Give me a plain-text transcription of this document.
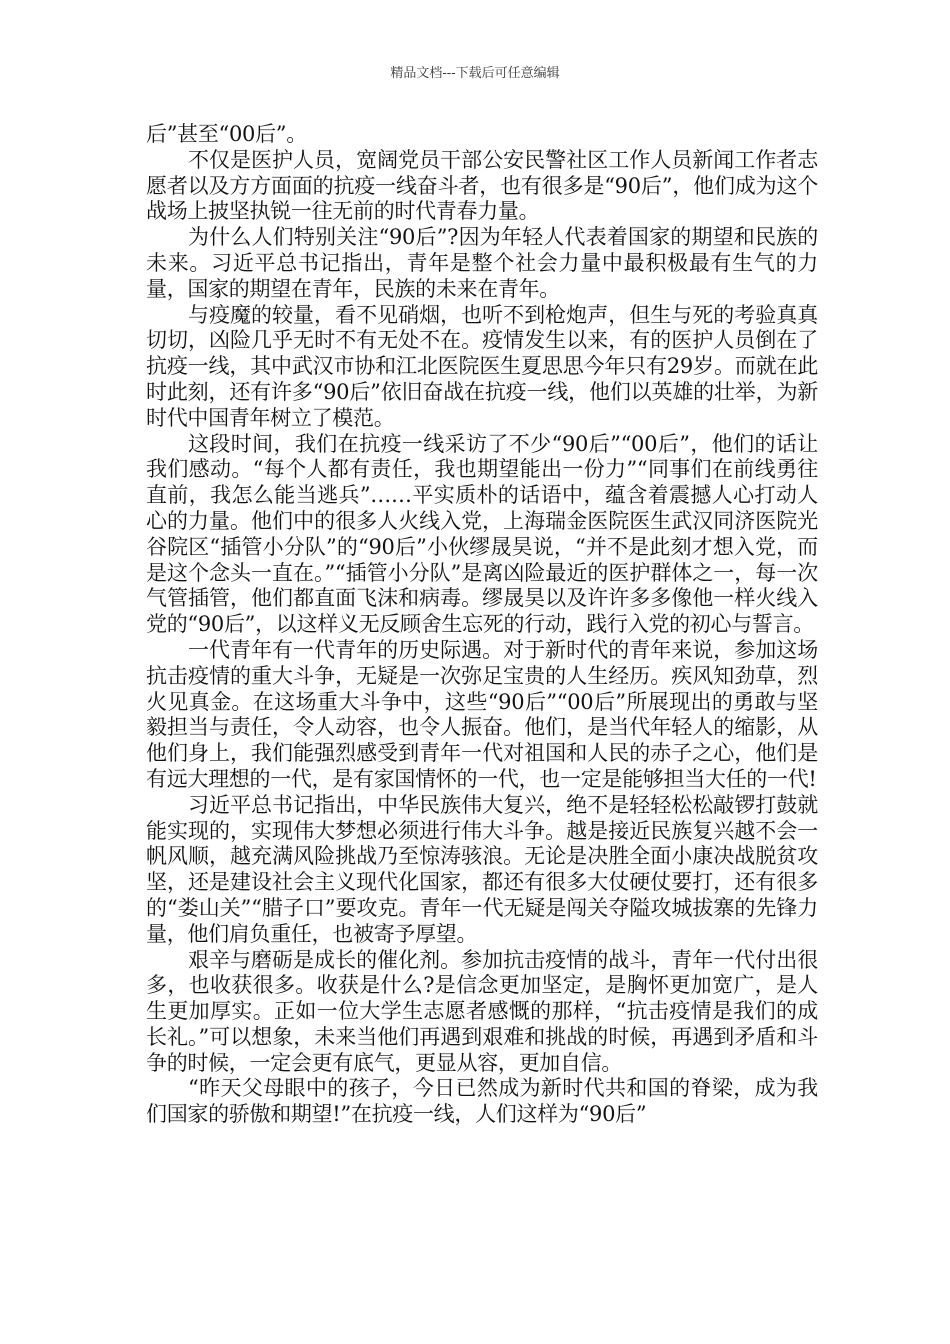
精品文档---下载后可任意编辑

后”甚至“00后”。

不仅是医护人员，宽阔党员干部公安民警社区工作人员新闻工作者志愿者以及方方面面的抗疫一线奋斗者，也有很多是“90后”，他们成为这个战场上披坚执锐一往无前的时代青春力量。

为什么人们特别关注“90后”?因为年轻人代表着国家的期望和民族的未来。习近平总书记指出，青年是整个社会力量中最积极最有生气的力量，国家的期望在青年，民族的未来在青年。

与疫魔的较量，看不见硝烟，也听不到枪炮声，但生与死的考验真真切切，凶险几乎无时不有无处不在。疫情发生以来，有的医护人员倒在了抗疫一线，其中武汉市协和江北医院医生夏思思今年只有29岁。而就在此时此刻，还有许多“90后”依旧奋战在抗疫一线，他们以英雄的壮举，为新时代中国青年树立了模范。

这段时间，我们在抗疫一线采访了不少“90后”“00后”，他们的话让我们感动。“每个人都有责任，我也期望能出一份力”“同事们在前线勇往直前，我怎么能当逃兵”……平实质朴的话语中，蕴含着震撼人心打动人心的力量。他们中的很多人火线入党，上海瑞金医院医生武汉同济医院光谷院区“插管小分队”的“90后”小伙缪晟昊说，“并不是此刻才想入党，而是这个念头一直在。”“插管小分队”是离凶险最近的医护群体之一，每一次气管插管，他们都直面飞沫和病毒。缪晟昊以及许许多多像他一样火线入党的“90后”，以这样义无反顾舍生忘死的行动，践行入党的初心与誓言。

一代青年有一代青年的历史际遇。对于新时代的青年来说，参加这场抗击疫情的重大斗争，无疑是一次弥足宝贵的人生经历。疾风知劲草，烈火见真金。在这场重大斗争中，这些“90后”“00后”所展现出的勇敢与坚毅担当与责任，令人动容，也令人振奋。他们，是当代年轻人的缩影，从他们身上，我们能强烈感受到青年一代对祖国和人民的赤子之心，他们是有远大理想的一代，是有家国情怀的一代，也一定是能够担当大任的一代!

习近平总书记指出，中华民族伟大复兴，绝不是轻轻松松敲锣打鼓就能实现的，实现伟大梦想必须进行伟大斗争。越是接近民族复兴越不会一帆风顺，越充满风险挑战乃至惊涛骇浪。无论是决胜全面小康决战脱贫攻坚，还是建设社会主义现代化国家，都还有很多大仗硬仗要打，还有很多的“娄山关”“腊子口”要攻克。青年一代无疑是闯关夺隘攻城拔寨的先锋力量，他们肩负重任，也被寄予厚望。

艰辛与磨砺是成长的催化剂。参加抗击疫情的战斗，青年一代付出很多，也收获很多。收获是什么?是信念更加坚定，是胸怀更加宽广，是人生更加厚实。正如一位大学生志愿者感慨的那样，“抗击疫情是我们的成长礼。”可以想象，未来当他们再遇到艰难和挑战的时候，再遇到矛盾和斗争的时候，一定会更有底气，更显从容，更加自信。

“昨天父母眼中的孩子，今日已然成为新时代共和国的脊梁，成为我们国家的骄傲和期望!”在抗疫一线，人们这样为“90后”
